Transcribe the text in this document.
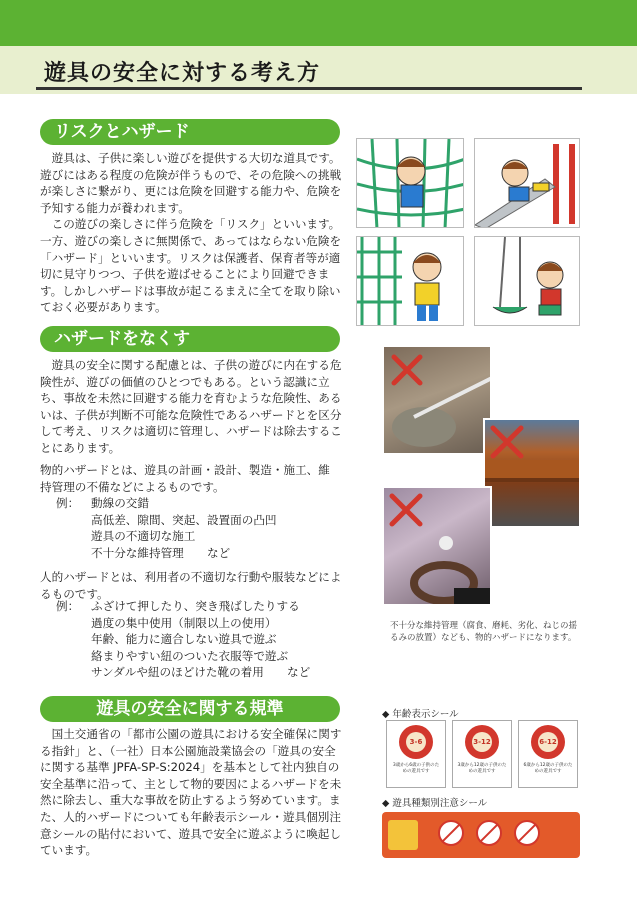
遊具の安全に対する考え方
リスクとハザード

遊具は、子供に楽しい遊びを提供する大切な道具です。遊びにはある程度の危険が伴うもので、その危険への挑戦が楽しさに繋がり、更には危険を回避する能力や、危険を予知する能力が養われます。

この遊びの楽しさに伴う危険を「リスク」といいます。一方、遊びの楽しさに無関係で、あってはならない危険を「ハザード」といいます。リスクは保護者、保育者等が適切に見守りつつ、子供を遊ばせることにより回避できます。しかしハザードは事故が起こるまえに全てを取り除いておく必要があります。

ハザードをなくす

遊具の安全に関する配慮とは、子供の遊びに内在する危険性が、遊びの価値のひとつでもある。という認識に立ち、事故を未然に回避する能力を育むような危険性、あるいは、子供が判断不可能な危険性であるハザードとを区分して考え、リスクは適切に管理し、ハザードは除去することにあります。

物的ハザードとは、遊具の計画・設計、製造・施工、維持管理の不備などによるものです。
例： 動線の交錯
高低差、隙間、突起、設置面の凸凹
遊具の不適切な施工
不十分な維持管理　　など
人的ハザードとは、利用者の不適切な行動や服装などによるものです。
例： ふざけて押したり、突き飛ばしたりする
過度の集中使用（制限以上の使用）
年齢、能力に適合しない遊具で遊ぶ
絡まりやすい紐のついた衣服等で遊ぶ
サンダルや紐のほどけた靴の着用　　など
不十分な維持管理（腐食、磨耗、劣化、ねじの揺るみの放置）なども、物的ハザードになります。
遊具の安全に関する規準

国土交通省の「都市公園の遊具における安全確保に関する指針」と、（一社）日本公園施設業協会の「遊具の安全に関する基準 JPFA-SP-S:2024」を基本として社内独自の安全基準に沿って、主として物的要因によるハザードを未然に除去し、重大な事故を防止するよう努めています。また、人的ハザードについても年齢表示シール・遊具個別注意シールの貼付において、遊具で安全に遊ぶように喚起しています。

◆ 年齢表示シール
3-6
3歳から6歳の子供のための遊具です
3-12
3歳から12歳の子供のための遊具です
6-12
6歳から12歳の子供のための遊具です
◆ 遊具種類別注意シール
